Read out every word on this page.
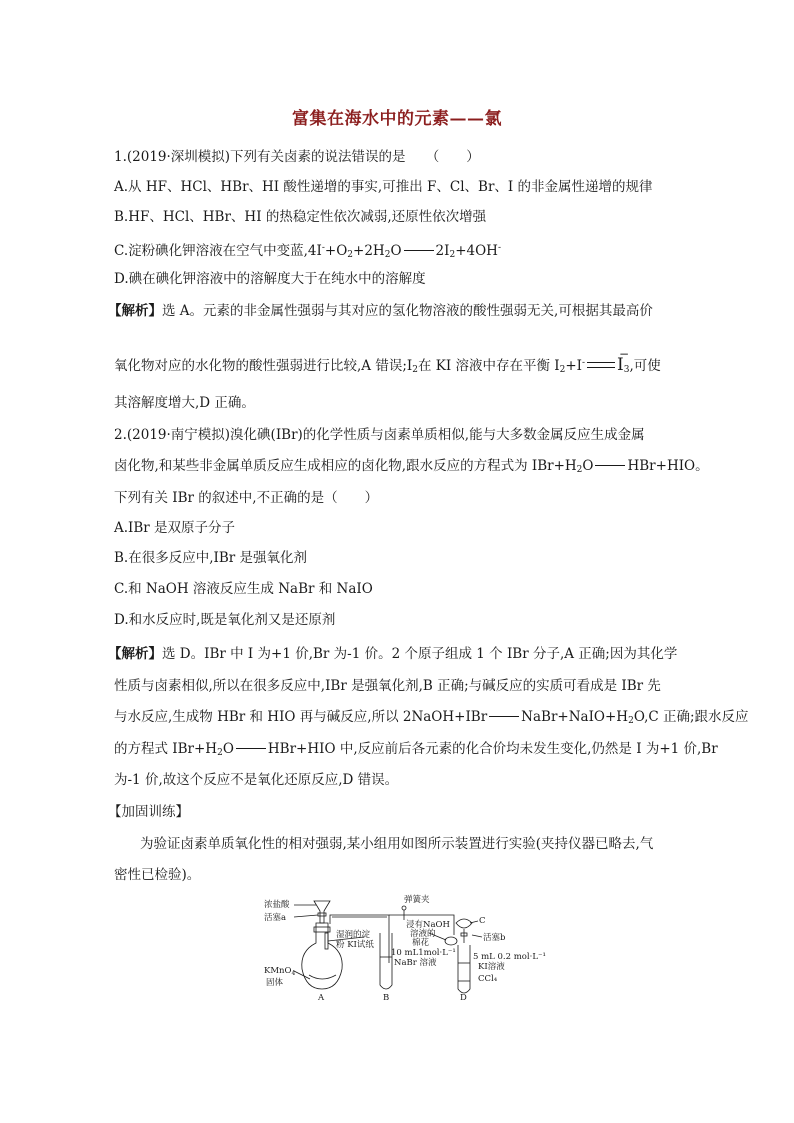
富集在海水中的元素——氯
1.(2019·深圳模拟)下列有关卤素的说法错误的是　　（　　）
A.从 HF、HCl、HBr、HI 酸性递增的事实,可推出 F、Cl、Br、I 的非金属性递增的规律
B.HF、HCl、HBr、HI 的热稳定性依次减弱,还原性依次增强
C.淀粉碘化钾溶液在空气中变蓝$,4I^-+O_2+2H_2O$	$2I_2+4OH^-$
D.碘在碘化钾溶液中的溶解度大于在纯水中的溶解度
【解析】选 A。元素的非金属性强弱与其对应的氢化物溶液的酸性强弱无关,可根据其最高价
氧化物对应的水化物的酸性强弱进行比较,A 错误$;I_2$在 KI 溶液中存在平衡 $I_2+I^-$ $I_3$
−
,可使
其溶解度增大,D 正确。
2.(2019·南宁模拟)溴化碘(IBr)的化学性质与卤素单质相似,能与大多数金属反应生成金属
卤化物,和某些非金属单质反应生成相应的卤化物,跟水反应的方程式为 $IBr+H_2O$	HBr+HIO。
下列有关 IBr 的叙述中,不正确的是（　　）
A.IBr 是双原子分子
B.在很多反应中,IBr 是强氧化剂
C.和 NaOH 溶液反应生成 NaBr 和 NaIO
D.和水反应时,既是氧化剂又是还原剂
【解析】选 D。IBr 中 I 为+1 价,Br 为-1 价。2 个原子组成 1 个 IBr 分子,A 正确;因为其化学
性质与卤素相似,所以在很多反应中,IBr 是强氧化剂,B 正确;与碱反应的实质可看成是 IBr 先
与水反应,生成物 HBr 和 HIO 再与碱反应,所以 2NaOH+IBr	$NaBr+NaIO+H_2O,C$ 正确;跟水反应
的方程式 $IBr+H_2O$	HBr+HIO 中,反应前后各元素的化合价均未发生变化,仍然是 I 为+1 价,Br
为-1 价,故这个反应不是氧化还原反应,D 错误。
【加固训练】
为验证卤素单质氧化性的相对强弱,某小组用如图所示装置进行实验(夹持仪器已略去,气
密性已检验)。
浓盐酸
活塞a
KMnO$_4$
固体
湿润的淀
粉 KI试纸
弹簧夹
浸有NaOH
溶液的
棉花
10 mL1mol·L⁻¹
NaBr 溶液
C
活塞b
5 mL 0.2 mol·L⁻¹
KI溶液
CCl₄
A	B	D
